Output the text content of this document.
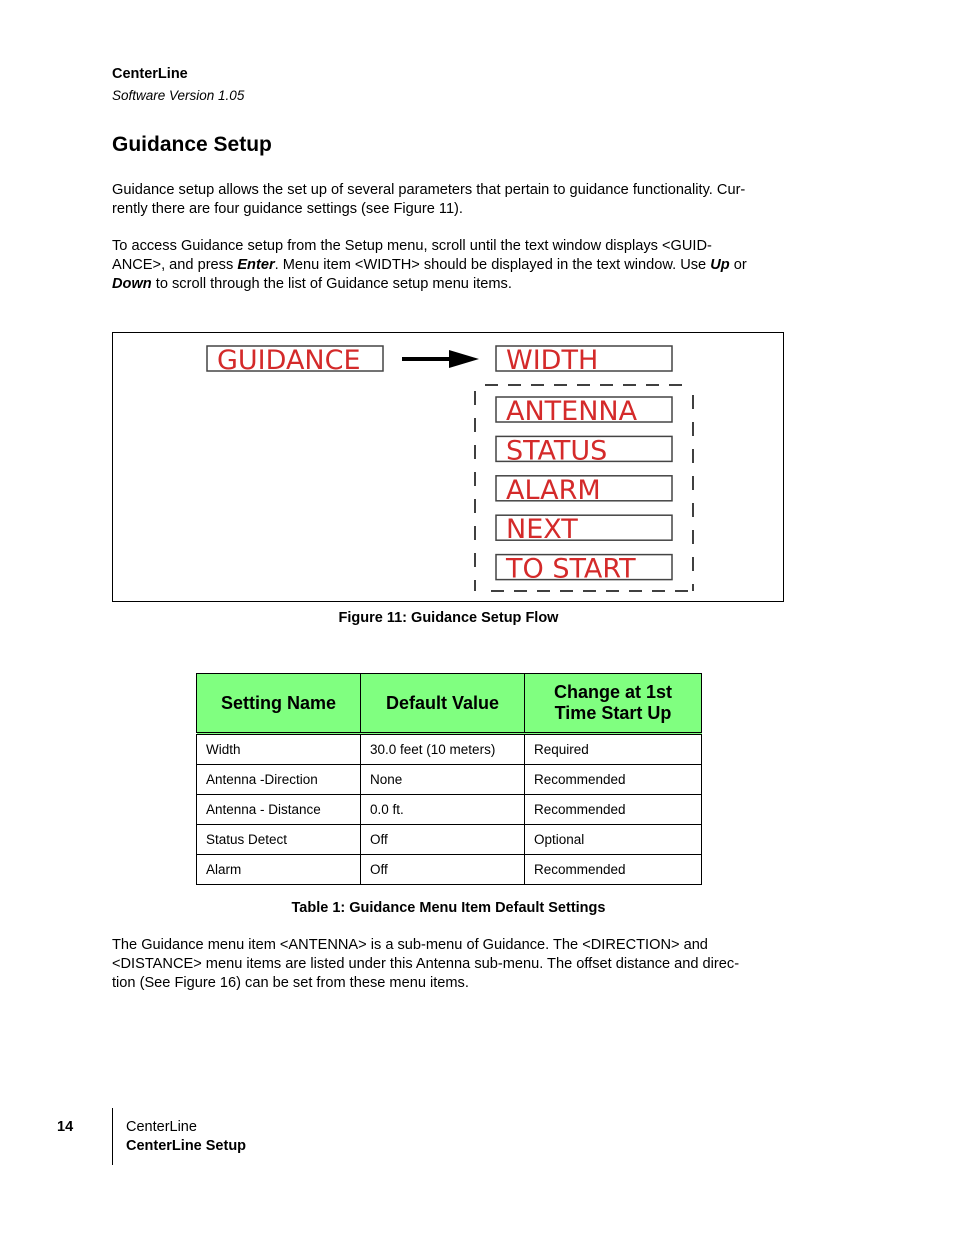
CenterLine
Software Version 1.05
Guidance Setup
Guidance setup allows the set up of several parameters that pertain to guidance functionality. Cur-
rently there are four guidance settings (see Figure 11).
To access Guidance setup from the Setup menu, scroll until the text window displays <GUID-
ANCE>, and press Enter. Menu item <WIDTH> should be displayed in the text window. Use Up or
Down to scroll through the list of Guidance setup menu items.
GUIDANCE	WIDTH
ANTENNA
STATUS
ALARM
NEXT
TO START
Figure 11: Guidance Setup Flow
Setting Name	Default Value	Change at 1st Time Start Up
Width	30.0 feet (10 meters)	Required
Antenna -Direction	None	Recommended
Antenna - Distance	0.0 ft.	Recommended
Status Detect	Off	Optional
Alarm	Off	Recommended
Table 1: Guidance Menu Item Default Settings
The Guidance menu item <ANTENNA> is a sub-menu of Guidance. The <DIRECTION> and
<DISTANCE> menu items are listed under this Antenna sub-menu. The offset distance and direc-
tion (See Figure 16) can be set from these menu items.
14	CenterLine
CenterLine Setup
